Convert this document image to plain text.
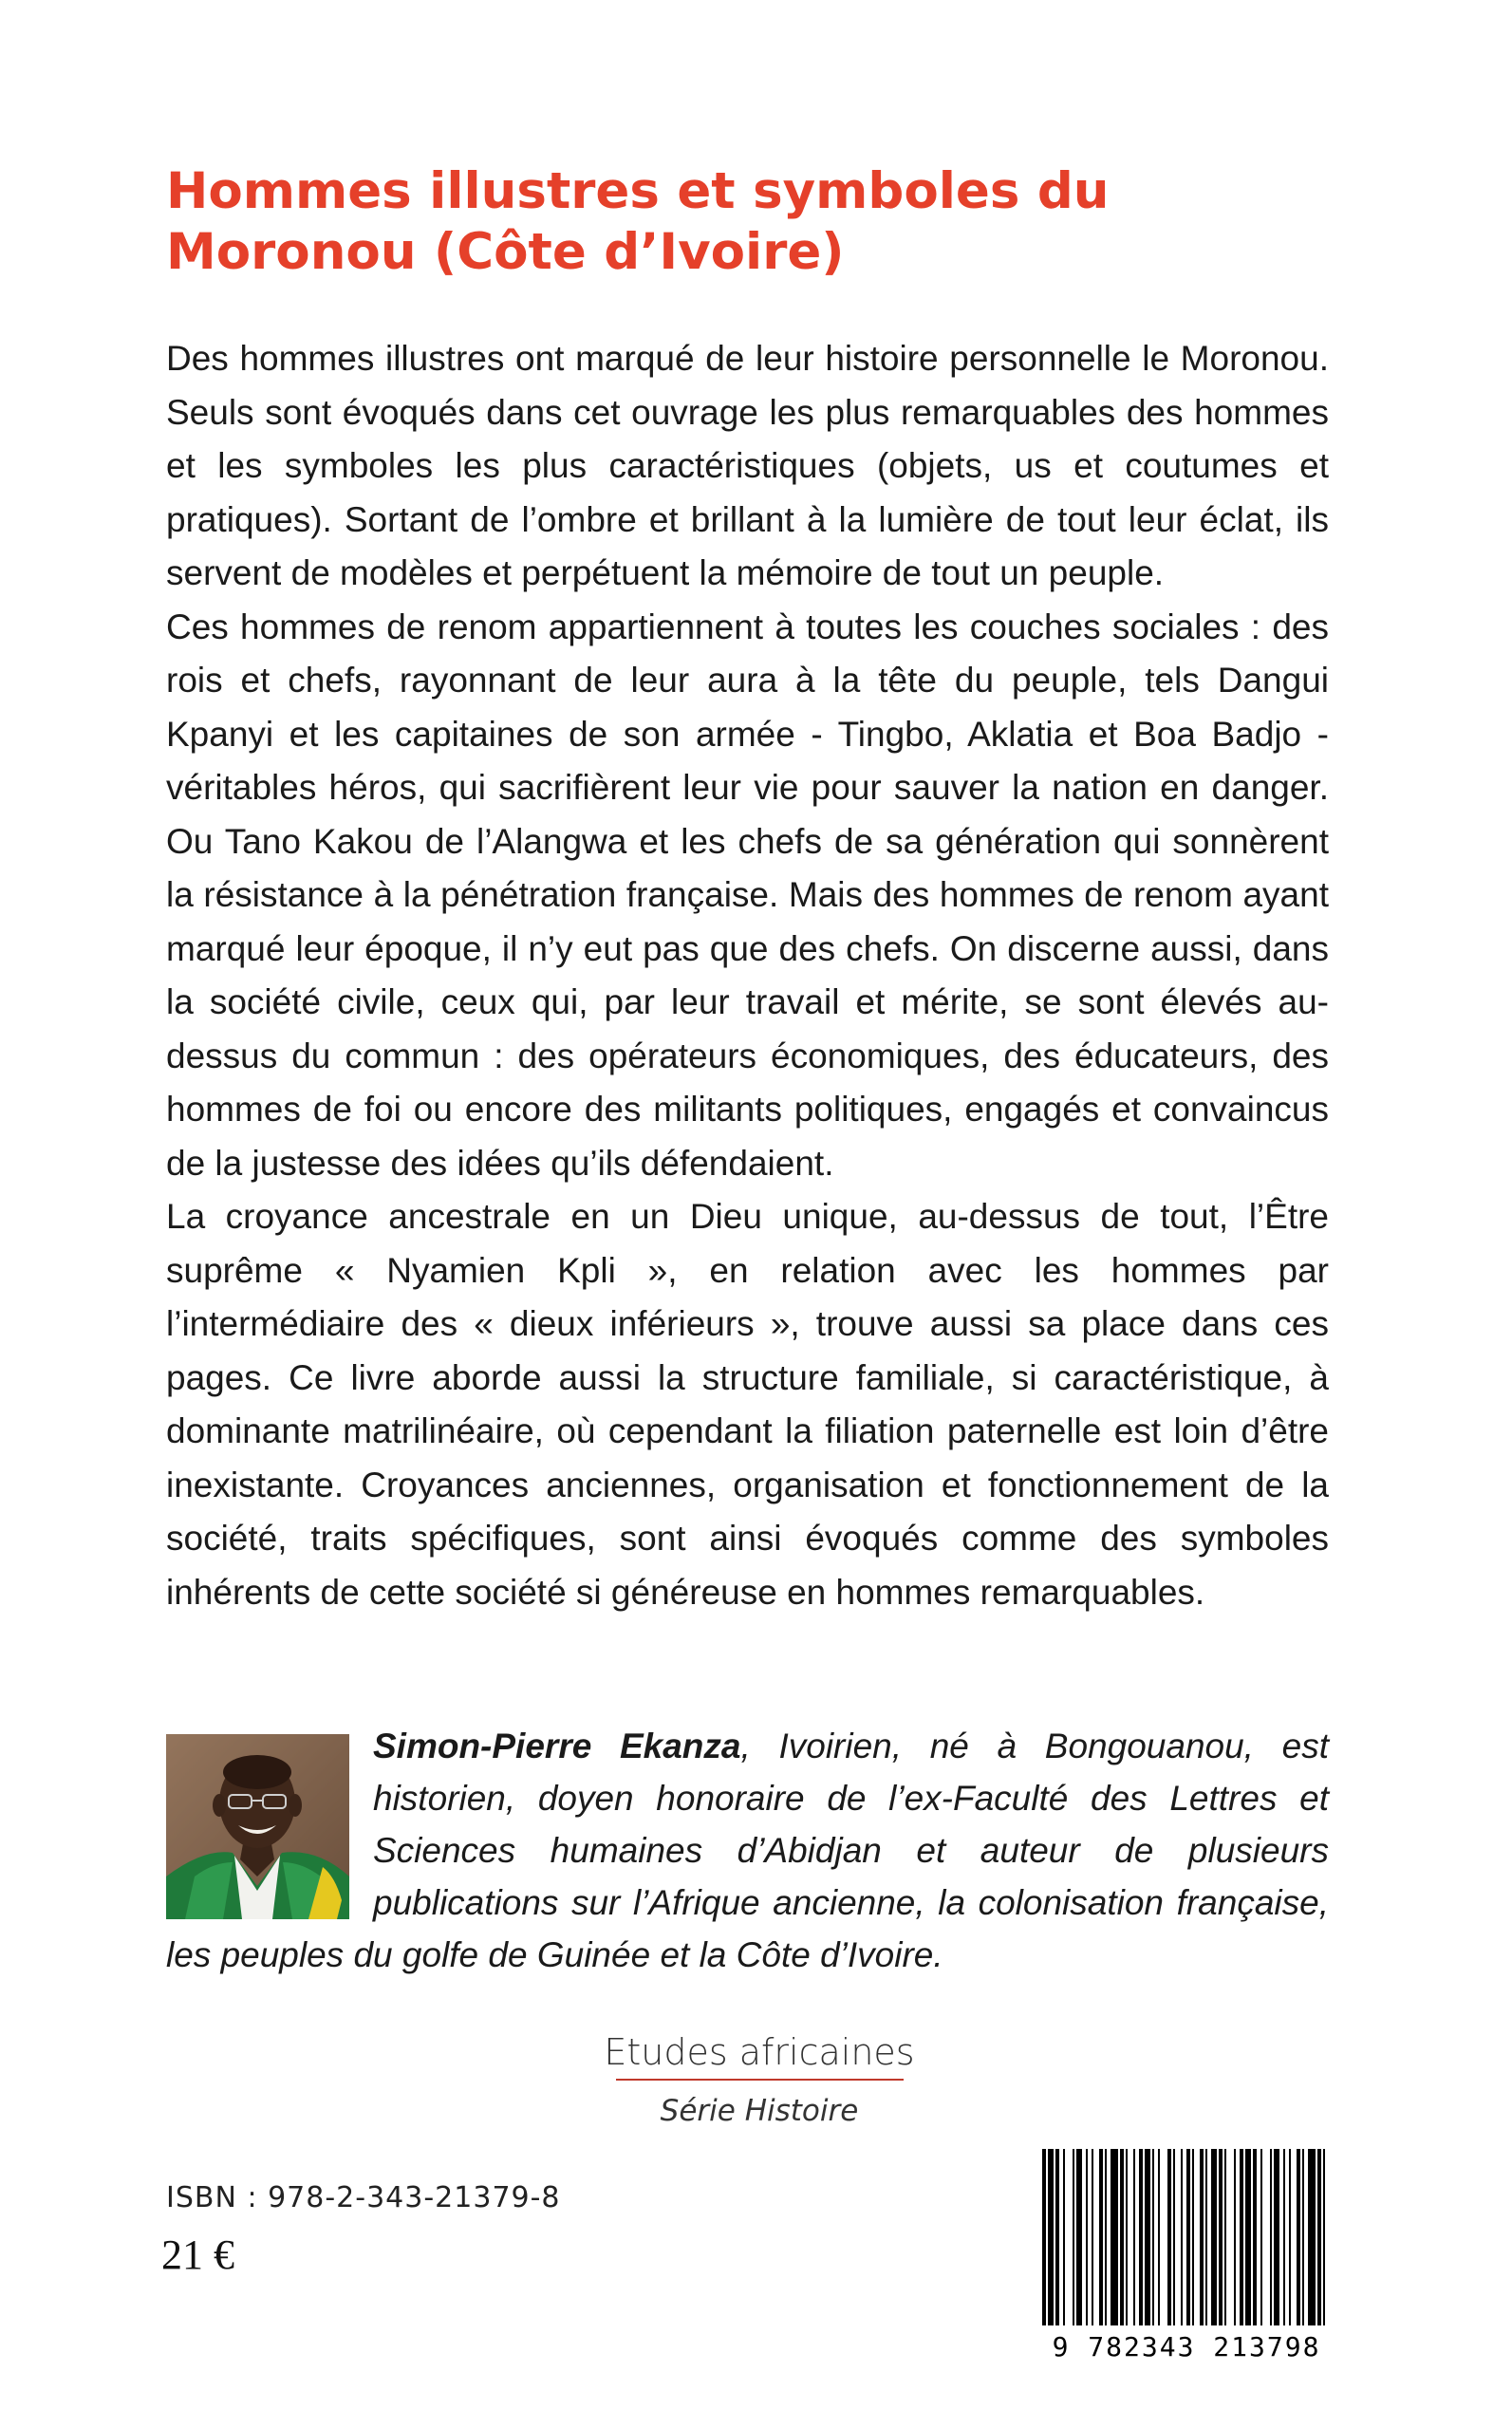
Hommes illustres et symboles du Moronou (Côte d’Ivoire)

Des hommes illustres ont marqué de leur histoire personnelle le Moronou. Seuls sont évoqués dans cet ouvrage les plus remarquables des hommes et les symboles les plus caractéristiques (objets, us et coutumes et pratiques). Sortant de l’ombre et brillant à la lumière de tout leur éclat, ils servent de modèles et perpétuent la mémoire de tout un peuple.

Ces hommes de renom appartiennent à toutes les couches sociales : des rois et chefs, rayonnant de leur aura à la tête du peuple, tels Dangui Kpanyi et les capitaines de son armée - Tingbo, Aklatia et Boa Badjo - véritables héros, qui sacrifièrent leur vie pour sauver la nation en danger. Ou Tano Kakou de l’Alangwa et les chefs de sa génération qui sonnèrent la résistance à la pénétration française. Mais des hommes de renom ayant marqué leur époque, il n’y eut pas que des chefs. On discerne aussi, dans la société civile, ceux qui, par leur travail et mérite, se sont élevés au-dessus du commun : des opérateurs économiques, des éducateurs, des hommes de foi ou encore des militants politiques, engagés et convaincus de la justesse des idées qu’ils défendaient.

La croyance ancestrale en un Dieu unique, au-dessus de tout, l’Être suprême « Nyamien Kpli », en relation avec les hommes par l’intermédiaire des « dieux inférieurs », trouve aussi sa place dans ces pages. Ce livre aborde aussi la structure familiale, si caractéristique, à dominante matrilinéaire, où cependant la filiation paternelle est loin d’être inexistante. Croyances anciennes, organisation et fonctionnement de la société, traits spécifiques, sont ainsi évoqués comme des symboles inhérents de cette société si généreuse en hommes remarquables.

Simon-Pierre Ekanza, Ivoirien, né à Bongouanou, est historien, doyen honoraire de l’ex-Faculté des Lettres et Sciences humaines d’Abidjan et auteur de plusieurs publications sur l’Afrique ancienne, la colonisation française, les peuples du golfe de Guinée et la Côte d’Ivoire.

Etudes africaines
Série Histoire
ISBN : 978-2-343-21379-8
21 €
9 782343 213798
